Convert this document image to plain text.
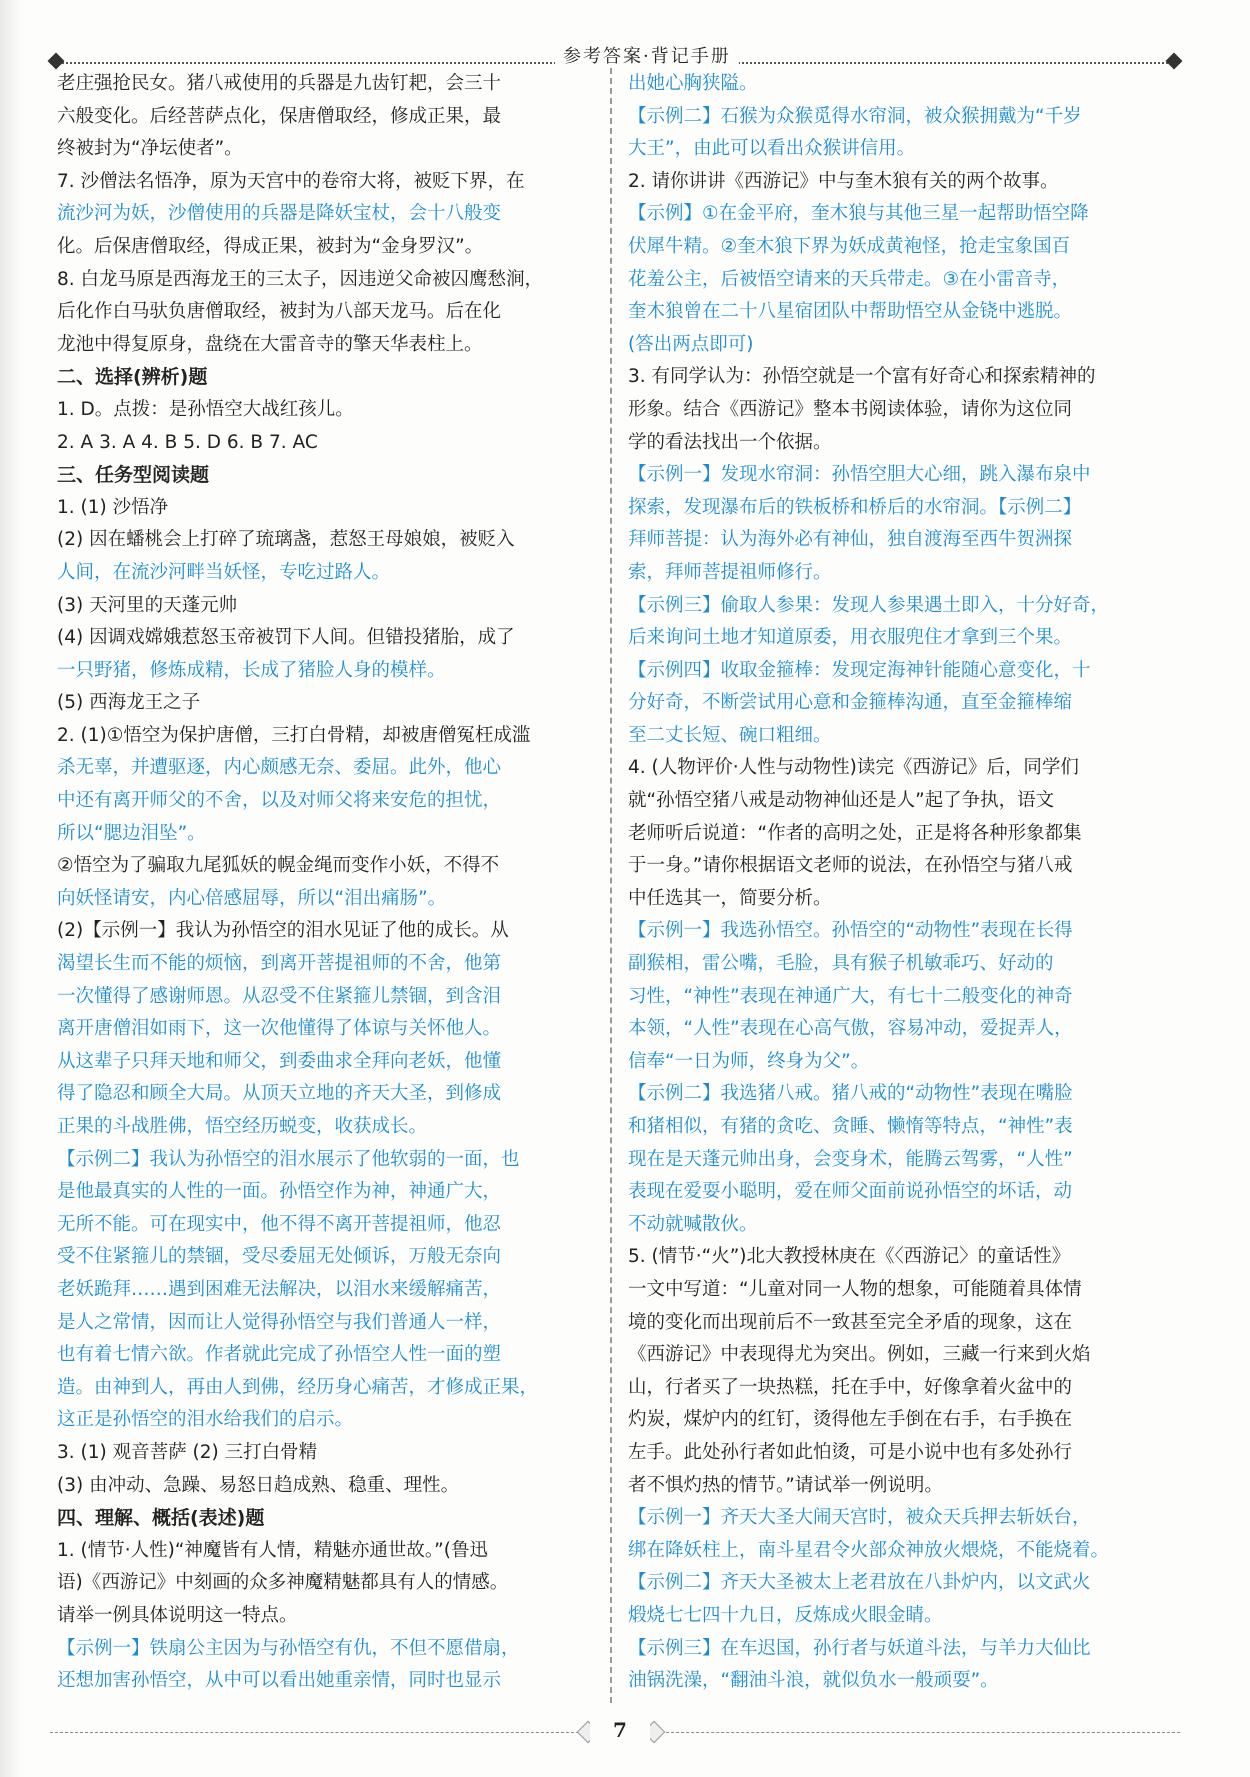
参考答案·背记手册
老庄强抢民女。猪八戒使用的兵器是九齿钉耙，会三十
六般变化。后经菩萨点化，保唐僧取经，修成正果，最
终被封为“净坛使者”。
7. 沙僧法名悟净，原为天宫中的卷帘大将，被贬下界，在
流沙河为妖，沙僧使用的兵器是降妖宝杖，会十八般变
化。后保唐僧取经，得成正果，被封为“金身罗汉”。
8. 白龙马原是西海龙王的三太子，因违逆父命被囚鹰愁涧，
后化作白马驮负唐僧取经，被封为八部天龙马。后在化
龙池中得复原身，盘绕在大雷音寺的擎天华表柱上。
二、选择(辨析)题
1. D。点拨：是孙悟空大战红孩儿。
2. A 3. A 4. B 5. D 6. B 7. AC
三、任务型阅读题
1. (1) 沙悟净
(2) 因在蟠桃会上打碎了琉璃盏，惹怒王母娘娘，被贬入
人间，在流沙河畔当妖怪，专吃过路人。
(3) 天河里的天蓬元帅
(4) 因调戏嫦娥惹怒玉帝被罚下人间。但错投猪胎，成了
一只野猪，修炼成精，长成了猪脸人身的模样。
(5) 西海龙王之子
2. (1)①悟空为保护唐僧，三打白骨精，却被唐僧冤枉成滥
杀无辜，并遭驱逐，内心颇感无奈、委屈。此外，他心
中还有离开师父的不舍，以及对师父将来安危的担忧，
所以“腮边泪坠”。
②悟空为了骗取九尾狐妖的幌金绳而变作小妖，不得不
向妖怪请安，内心倍感屈辱，所以“泪出痛肠”。
(2)【示例一】我认为孙悟空的泪水见证了他的成长。从
渴望长生而不能的烦恼，到离开菩提祖师的不舍，他第
一次懂得了感谢师恩。从忍受不住紧箍儿禁锢，到含泪
离开唐僧泪如雨下，这一次他懂得了体谅与关怀他人。
从这辈子只拜天地和师父，到委曲求全拜向老妖，他懂
得了隐忍和顾全大局。从顶天立地的齐天大圣，到修成
正果的斗战胜佛，悟空经历蜕变，收获成长。
【示例二】我认为孙悟空的泪水展示了他软弱的一面，也
是他最真实的人性的一面。孙悟空作为神，神通广大，
无所不能。可在现实中，他不得不离开菩提祖师，他忍
受不住紧箍儿的禁锢，受尽委屈无处倾诉，万般无奈向
老妖跪拜……遇到困难无法解决，以泪水来缓解痛苦，
是人之常情，因而让人觉得孙悟空与我们普通人一样，
也有着七情六欲。作者就此完成了孙悟空人性一面的塑
造。由神到人，再由人到佛，经历身心痛苦，才修成正果，
这正是孙悟空的泪水给我们的启示。
3. (1) 观音菩萨 (2) 三打白骨精
(3) 由冲动、急躁、易怒日趋成熟、稳重、理性。
四、理解、概括(表述)题
1. (情节·人性)“神魔皆有人情，精魅亦通世故。”(鲁迅
语)《西游记》中刻画的众多神魔精魅都具有人的情感。
请举一例具体说明这一特点。
【示例一】铁扇公主因为与孙悟空有仇，不但不愿借扇，
还想加害孙悟空，从中可以看出她重亲情，同时也显示
出她心胸狭隘。
【示例二】石猴为众猴觅得水帘洞，被众猴拥戴为“千岁
大王”，由此可以看出众猴讲信用。
2. 请你讲讲《西游记》中与奎木狼有关的两个故事。
【示例】①在金平府，奎木狼与其他三星一起帮助悟空降
伏犀牛精。②奎木狼下界为妖成黄袍怪，抢走宝象国百
花羞公主，后被悟空请来的天兵带走。③在小雷音寺，
奎木狼曾在二十八星宿团队中帮助悟空从金铙中逃脱。
(答出两点即可)
3. 有同学认为：孙悟空就是一个富有好奇心和探索精神的
形象。结合《西游记》整本书阅读体验，请你为这位同
学的看法找出一个依据。
【示例一】发现水帘洞：孙悟空胆大心细，跳入瀑布泉中
探索，发现瀑布后的铁板桥和桥后的水帘洞。【示例二】
拜师菩提：认为海外必有神仙，独自渡海至西牛贺洲探
索，拜师菩提祖师修行。
【示例三】偷取人参果：发现人参果遇土即入，十分好奇，
后来询问土地才知道原委，用衣服兜住才拿到三个果。
【示例四】收取金箍棒：发现定海神针能随心意变化，十
分好奇，不断尝试用心意和金箍棒沟通，直至金箍棒缩
至二丈长短、碗口粗细。
4. (人物评价·人性与动物性)读完《西游记》后，同学们
就“孙悟空猪八戒是动物神仙还是人”起了争执，语文
老师听后说道：“作者的高明之处，正是将各种形象都集
于一身。”请你根据语文老师的说法，在孙悟空与猪八戒
中任选其一，简要分析。
【示例一】我选孙悟空。孙悟空的“动物性”表现在长得
副猴相，雷公嘴，毛脸，具有猴子机敏乖巧、好动的
习性，“神性”表现在神通广大，有七十二般变化的神奇
本领，“人性”表现在心高气傲，容易冲动，爱捉弄人，
信奉“一日为师，终身为父”。
【示例二】我选猪八戒。猪八戒的“动物性”表现在嘴脸
和猪相似，有猪的贪吃、贪睡、懒惰等特点，“神性”表
现在是天蓬元帅出身，会变身术，能腾云驾雾，“人性”
表现在爱耍小聪明，爱在师父面前说孙悟空的坏话，动
不动就喊散伙。
5. (情节·“火”)北大教授林庚在《〈西游记〉的童话性》
一文中写道：“儿童对同一人物的想象，可能随着具体情
境的变化而出现前后不一致甚至完全矛盾的现象，这在
《西游记》中表现得尤为突出。例如，三藏一行来到火焰
山，行者买了一块热糕，托在手中，好像拿着火盆中的
灼炭，煤炉内的红钉，烫得他左手倒在右手，右手换在
左手。此处孙行者如此怕烫，可是小说中也有多处孙行
者不惧灼热的情节。”请试举一例说明。
【示例一】齐天大圣大闹天宫时，被众天兵押去斩妖台，
绑在降妖柱上，南斗星君令火部众神放火煨烧，不能烧着。
【示例二】齐天大圣被太上老君放在八卦炉内，以文武火
煅烧七七四十九日，反炼成火眼金睛。
【示例三】在车迟国，孙行者与妖道斗法，与羊力大仙比
油锅洗澡，“翻油斗浪，就似负水一般顽耍”。
7
